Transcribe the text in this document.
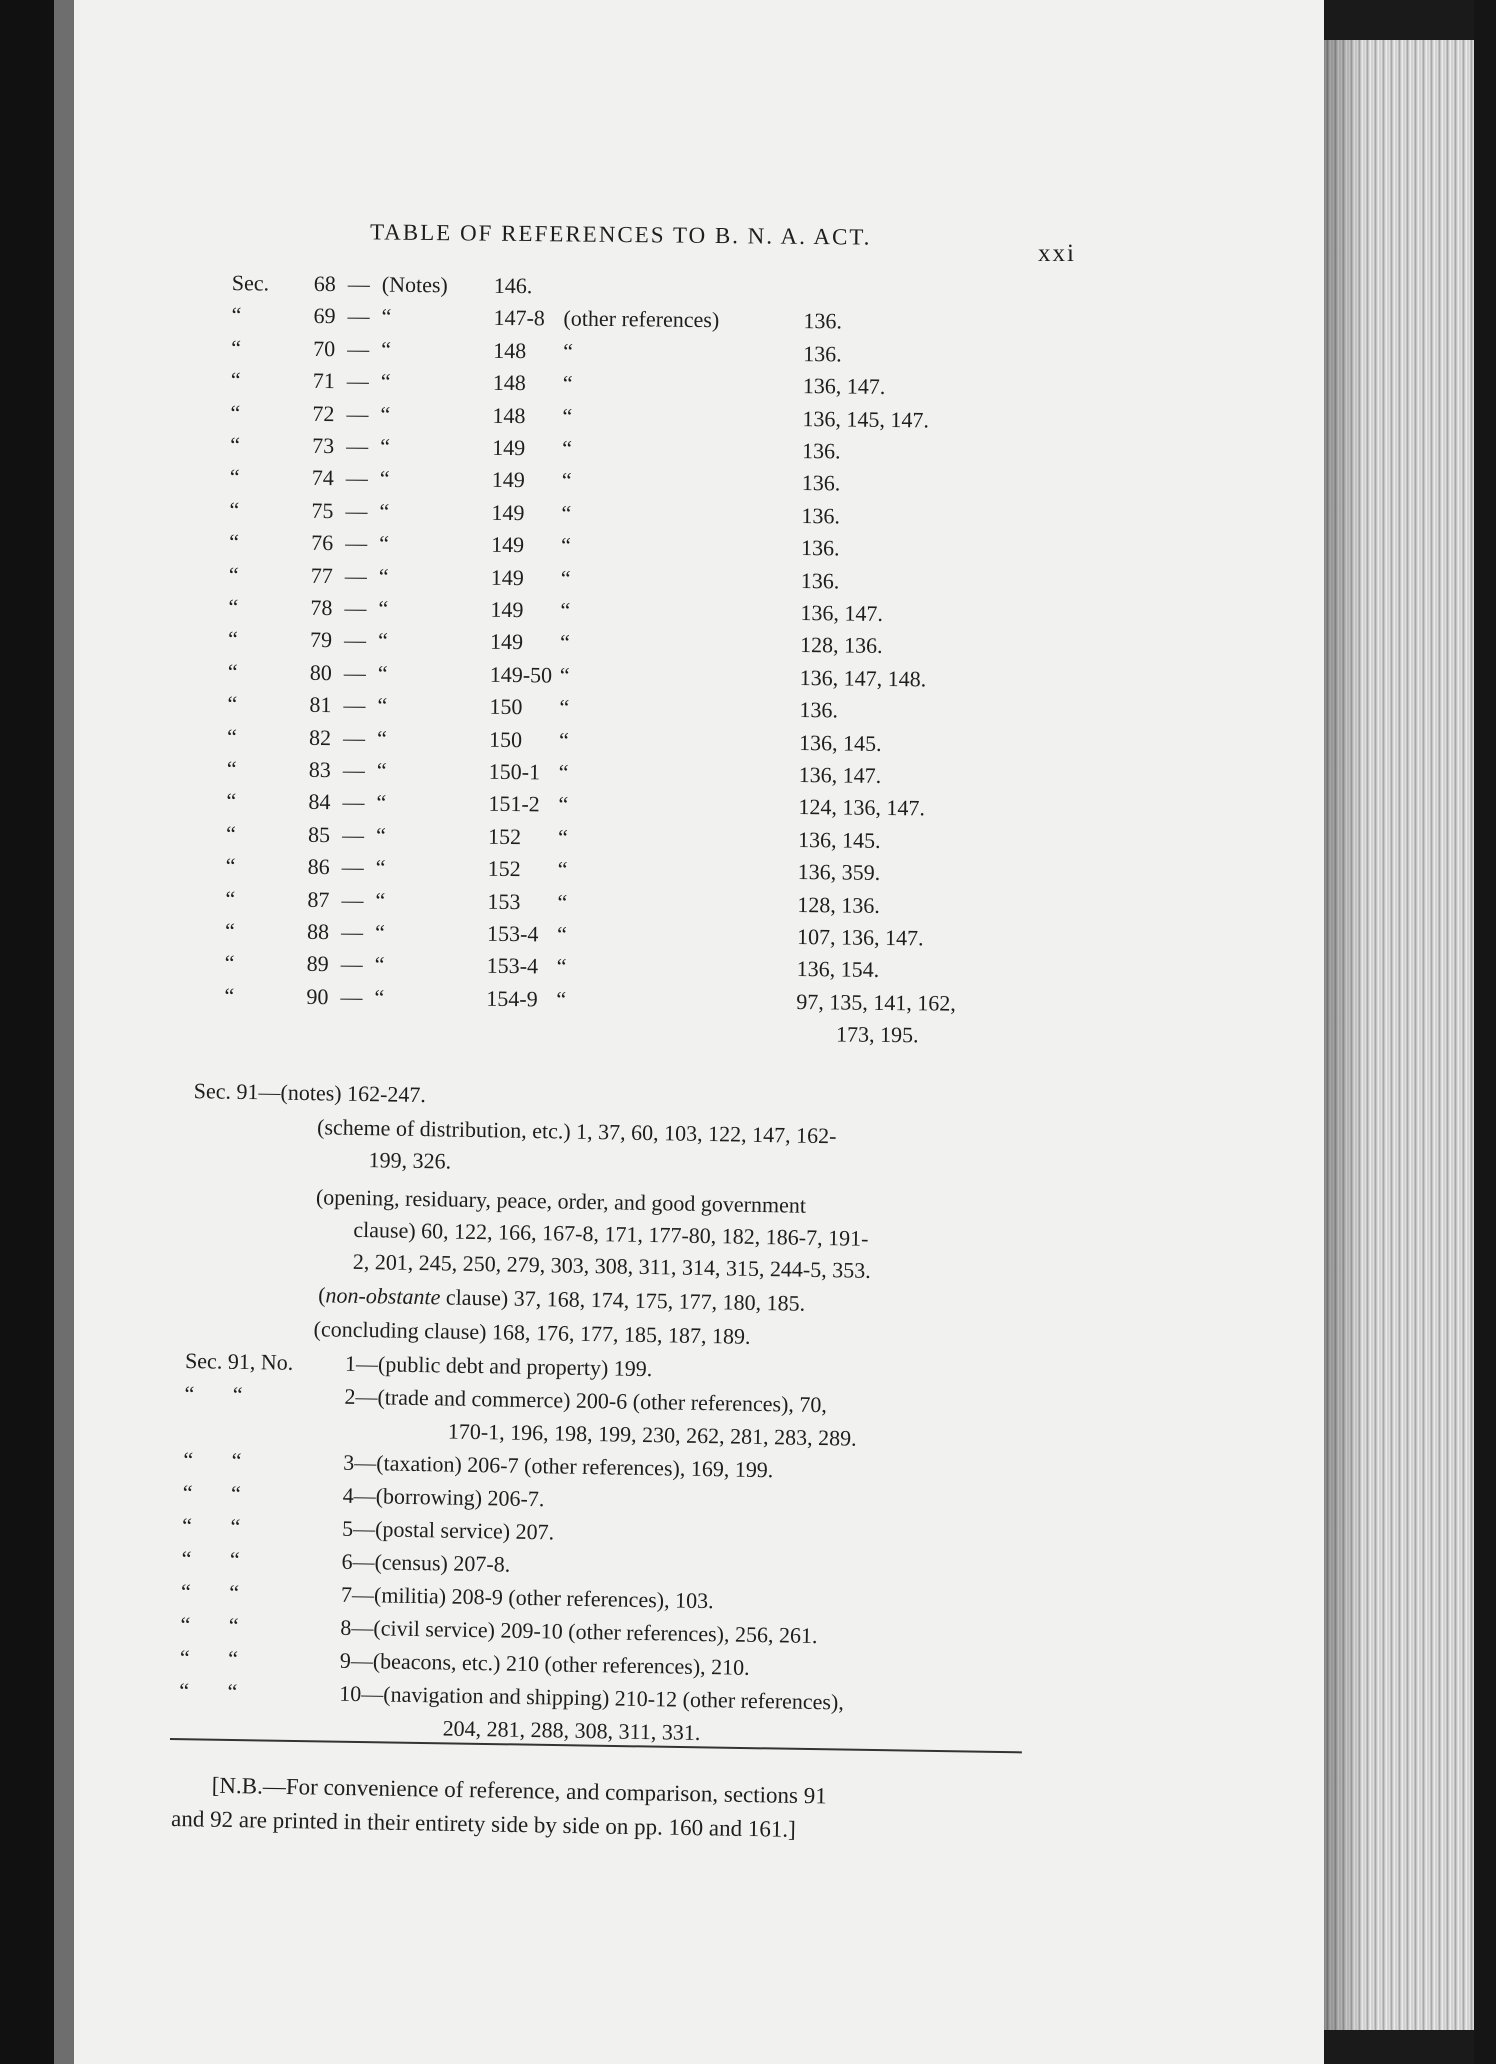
TABLE OF REFERENCES TO B. N. A. ACT.
xxi
Sec.	68 — (Notes) 146.
“	69 — “	147-8 (other references)	136.
“	70 — “	148 “	136.
“	71 — “	148 “	136, 147.
“	72 — “	148 “	136, 145, 147.
“	73 — “	149 “	136.
“	74 — “	149 “	136.
“	75 — “	149 “	136.
“	76 — “	149 “	136.
“	77 — “	149 “	136.
“	78 — “	149 “	136, 147.
“	79 — “	149 “	128, 136.
“	80 — “	149-50 “	136, 147, 148.
“	81 — “	150 “	136.
“	82 — “	150 “	136, 145.
“	83 — “	150-1 “	136, 147.
“	84 — “	151-2 “	124, 136, 147.
“	85 — “	152 “	136, 145.
“	86 — “	152 “	136, 359.
“	87 — “	153 “	128, 136.
“	88 — “	153-4 “	107, 136, 147.
“	89 — “	153-4 “	136, 154.
“	90 — “	154-9 “	97, 135, 141, 162,
173, 195.
Sec. 91—(notes) 162-247.
(scheme of distribution, etc.) 1, 37, 60, 103, 122, 147, 162-
199, 326.
(opening, residuary, peace, order, and good government
clause) 60, 122, 166, 167-8, 171, 177-80, 182, 186-7, 191-
2, 201, 245, 250, 279, 303, 308, 311, 314, 315, 244-5, 353.
(non-obstante clause) 37, 168, 174, 175, 177, 180, 185.
(concluding clause) 168, 176, 177, 185, 187, 189.
Sec. 91, No.	1—(public debt and property) 199.
“       “	2—(trade and commerce) 200-6 (other references), 70,
170-1, 196, 198, 199, 230, 262, 281, 283, 289.
“       “	3—(taxation) 206-7 (other references), 169, 199.
“       “	4—(borrowing) 206-7.
“       “	5—(postal service) 207.
“       “	6—(census) 207-8.
“       “	7—(militia) 208-9 (other references), 103.
“       “	8—(civil service) 209-10 (other references), 256, 261.
“       “	9—(beacons, etc.) 210 (other references), 210.
“       “	10—(navigation and shipping) 210-12 (other references),
204, 281, 288, 308, 311, 331.
[N.B.—For convenience of reference, and comparison, sections 91
and 92 are printed in their entirety side by side on pp. 160 and 161.]
